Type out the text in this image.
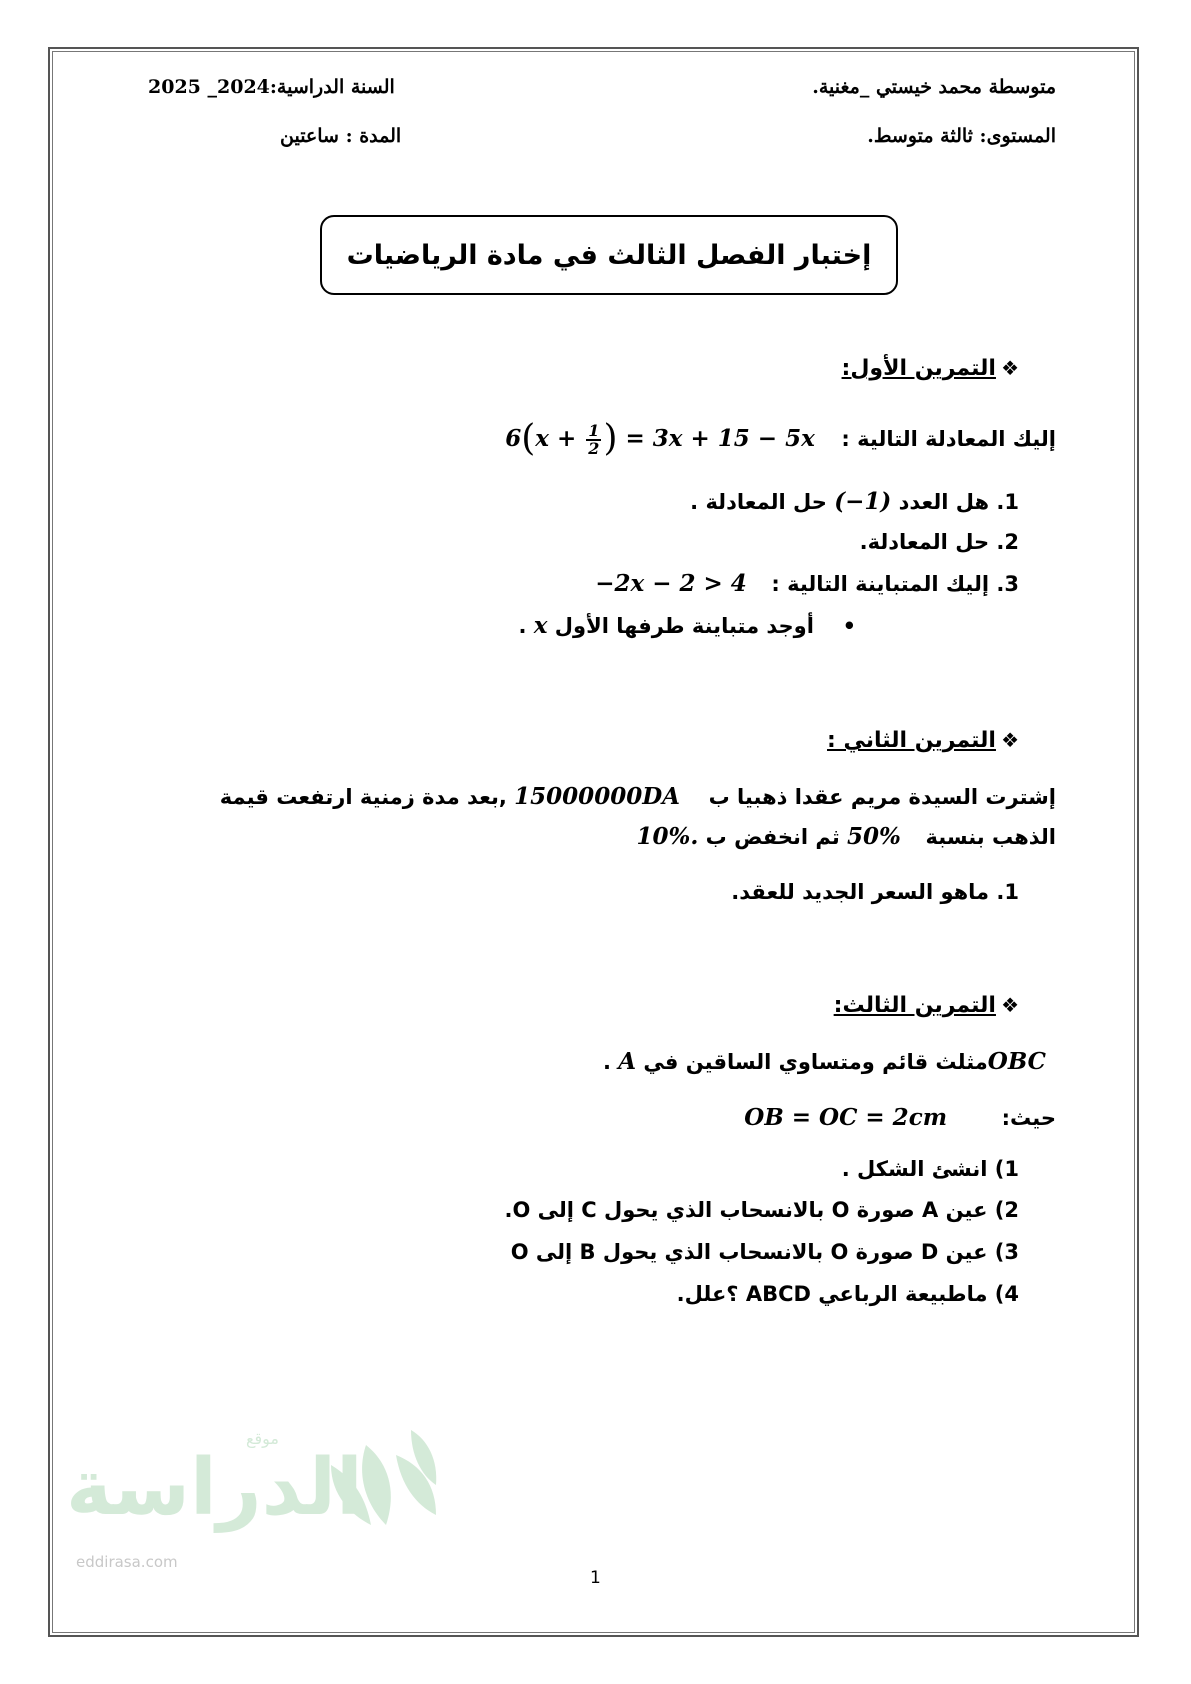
متوسطة محمد خيستي _مغنية.
السنة الدراسية:2024_ 2025
المستوى: ثالثة متوسط.
المدة : ساعتين
إختبار الفصل الثالث في مادة الرياضيات
❖ التمرين الأول:
إليك المعادلة التالية :  $6(x + \frac{1}{2}$ ) = 3x + 15 − 5x
1. هل العدد (−1) حل المعادلة .
2. حل المعادلة.
3. إليك المتباينة التالية :  −2x − 2 > 4
•  أوجد متباينة طرفها الأول x .
❖ التمرين الثاني :
إشترت السيدة مريم عقدا ذهبيا ب  15000000DA ,بعد مدة زمنية ارتفعت قيمة
الذهب بنسبة  50% ثم انخفض ب 10%.
1. ماهو السعر الجديد للعقد.
❖ التمرين الثالث:
OBCمثلث قائم ومتساوي الساقين في A .
حيث:  OB = OC = 2cm
1) انشئ الشكل .
2) عين A صورة O بالانسحاب الذي يحول C إلى O.
3) عين D صورة O بالانسحاب الذي يحول B إلى O
4) ماطبيعة الرباعي ABCD ؟علل.
الدراسة
موقع
eddirasa.com
1
